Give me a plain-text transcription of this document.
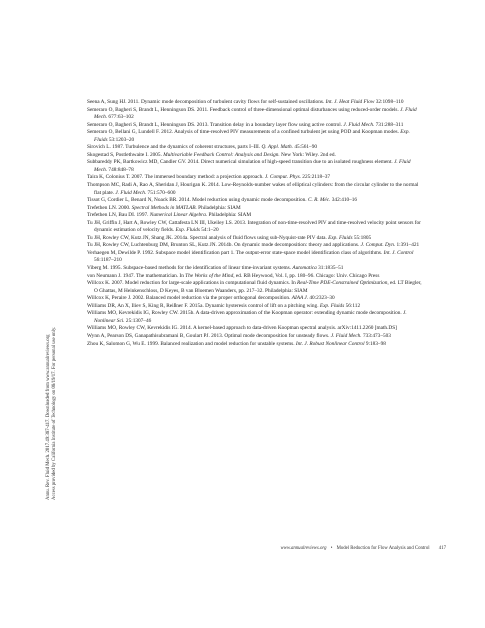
Annu. Rev. Fluid Mech. 2017.49:387-417. Downloaded from www.annualreviews.org Access provided by California Institute of Technology on 08/19/17. For personal use only.

Seena A, Sung HJ. 2011. Dynamic mode decomposition of turbulent cavity flows for self-sustained oscillations. Int. J. Heat Fluid Flow 32:1098–110

Semeraro O, Bagheri S, Brandt L, Henningson DS. 2011. Feedback control of three-dimensional optimal disturbances using reduced-order models. J. Fluid Mech. 677:63–102

Semeraro O, Bagheri S, Brandt L, Henningson DS. 2013. Transition delay in a boundary layer flow using active control. J. Fluid Mech. 731:288–311

Semeraro O, Bellani G, Lundell F. 2012. Analysis of time-resolved PIV measurements of a confined turbulent jet using POD and Koopman modes. Exp. Fluids 53:1203–20

Sirovich L. 1987. Turbulence and the dynamics of coherent structures, parts I–III. Q. Appl. Math. 45:561–90

Skogestad S, Postlethwaite I. 2005. Multivariable Feedback Control: Analysis and Design. New York: Wiley. 2nd ed.

Subbareddy PK, Bartkowicz MD, Candler GV. 2014. Direct numerical simulation of high-speed transition due to an isolated roughness element. J. Fluid Mech. 748:848–78

Taira K, Colonius T. 2007. The immersed boundary method: a projection approach. J. Comput. Phys. 225:2118–37

Thompson MC, Radi A, Rao A, Sheridan J, Hourigan K. 2014. Low-Reynolds-number wakes of elliptical cylinders: from the circular cylinder to the normal flat plate. J. Fluid Mech. 751:570–600

Tissot G, Cordier L, Benard N, Noack BR. 2014. Model reduction using dynamic mode decomposition. C. R. Méc. 342:410–16

Trefethen LN. 2000. Spectral Methods in MATLAB. Philadelphia: SIAM

Trefethen LN, Bau DI. 1997. Numerical Linear Algebra. Philadelphia: SIAM

Tu JH, Griffin J, Hart A, Rowley CW, Cattafesta LN III, Ukeiley LS. 2013. Integration of non-time-resolved PIV and time-resolved velocity point sensors for dynamic estimation of velocity fields. Exp. Fluids 54:1–20

Tu JH, Rowley CW, Kutz JN, Shang JK. 2014a. Spectral analysis of fluid flows using sub-Nyquist-rate PIV data. Exp. Fluids 55:1805

Tu JH, Rowley CW, Luchtenburg DM, Brunton SL, Kutz JN. 2014b. On dynamic mode decomposition: theory and applications. J. Comput. Dyn. 1:391–421

Verhaegen M, Dewilde P. 1992. Subspace model identification part 1. The output-error state-space model identification class of algorithms. Int. J. Control 56:1187–210

Viberg M. 1995. Subspace-based methods for the identification of linear time-invariant systems. Automatica 31:1835–51

von Neumann J. 1947. The mathematician. In The Works of the Mind, ed. RB Heywood, Vol. I, pp. 180–96. Chicago: Univ. Chicago Press

Willcox K. 2007. Model reduction for large-scale applications in computational fluid dynamics. In Real-Time PDE-Constrained Optimization, ed. LT Biegler, O Ghattas, M Heinkenschloss, D Keyes, B van Bloemen Waanders, pp. 217–32. Philadelphia: SIAM

Willcox K, Peraire J. 2002. Balanced model reduction via the proper orthogonal decomposition. AIAA J. 40:2323–30

Williams DR, An X, Iliev S, King R, Reißner F. 2015a. Dynamic hysteresis control of lift on a pitching wing. Exp. Fluids 56:112

Williams MO, Kevrekidis IG, Rowley CW. 2015b. A data-driven approximation of the Koopman operator: extending dynamic mode decomposition. J. Nonlinear Sci. 25:1307–46

Williams MO, Rowley CW, Kevrekidis IG. 2014. A kernel-based approach to data-driven Koopman spectral analysis. arXiv:1411.2260 [math.DS]

Wynn A, Pearson DS, Ganapathisubramani B, Goulart PJ. 2013. Optimal mode decomposition for unsteady flows. J. Fluid Mech. 733:473–503

Zhou K, Salomon G, Wu E. 1999. Balanced realization and model reduction for unstable systems. Int. J. Robust Nonlinear Control 9:183–98

www.annualreviews.org • Model Reduction for Flow Analysis and Control 417
